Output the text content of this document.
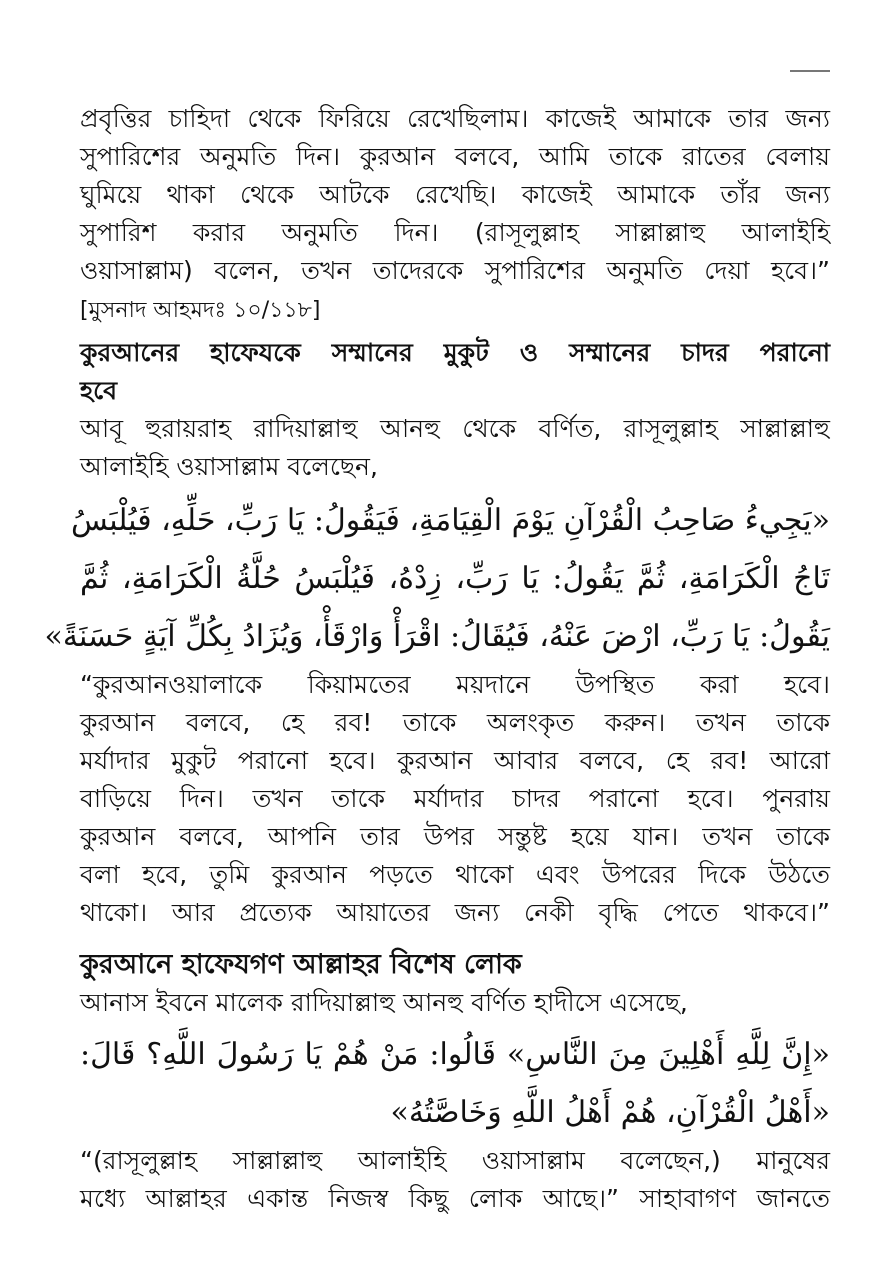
প্রবৃত্তির চাহিদা থেকে ফিরিয়ে রেখেছিলাম। কাজেই আমাকে তার জন্য
সুপারিশের অনুমতি দিন। কুরআন বলবে, আমি তাকে রাতের বেলায়
ঘুমিয়ে থাকা থেকে আটকে রেখেছি। কাজেই আমাকে তাঁর জন্য
সুপারিশ করার অনুমতি দিন। (রাসূলুল্লাহ সাল্লাল্লাহু আলাইহি
ওয়াসাল্লাম) বলেন, তখন তাদেরকে সুপারিশের অনুমতি দেয়া হবে।”
[মুসনাদ আহমদঃ ১০/১১৮]
কুরআনের হাফেযকে সম্মানের মুকুট ও সম্মানের চাদর পরানো
হবে
আবূ হুরায়রাহ রাদিয়াল্লাহু আনহু থেকে বর্ণিত, রাসূলুল্লাহ সাল্লাল্লাহু
আলাইহি ওয়াসাল্লাম বলেছেন,
«يَجِيءُ صَاحِبُ الْقُرْآنِ يَوْمَ الْقِيَامَةِ، فَيَقُولُ: يَا رَبِّ، حَلِّهِ، فَيُلْبَسُ
تَاجُ الْكَرَامَةِ، ثُمَّ يَقُولُ: يَا رَبِّ، زِدْهُ، فَيُلْبَسُ حُلَّةُ الْكَرَامَةِ، ثُمَّ
يَقُولُ: يَا رَبِّ، ارْضَ عَنْهُ، فَيُقَالُ: اقْرَأْ وَارْقَأْ، وَيُزَادُ بِكُلِّ آيَةٍ حَسَنَةً»
“কুরআনওয়ালাকে কিয়ামতের ময়দানে উপস্থিত করা হবে।
কুরআন বলবে, হে রব! তাকে অলংকৃত করুন। তখন তাকে
মর্যাদার মুকুট পরানো হবে। কুরআন আবার বলবে, হে রব! আরো
বাড়িয়ে দিন। তখন তাকে মর্যাদার চাদর পরানো হবে। পুনরায়
কুরআন বলবে, আপনি তার উপর সন্তুষ্ট হয়ে যান। তখন তাকে
বলা হবে, তুমি কুরআন পড়তে থাকো এবং উপরের দিকে উঠতে
থাকো। আর প্রত্যেক আয়াতের জন্য নেকী বৃদ্ধি পেতে থাকবে।”
কুরআনে হাফেযগণ আল্লাহর বিশেষ লোক
আনাস ইবনে মালেক রাদিয়াল্লাহু আনহু বর্ণিত হাদীসে এসেছে,
«إِنَّ لِلَّهِ أَهْلِينَ مِنَ النَّاسِ» قَالُوا: مَنْ هُمْ يَا رَسُولَ اللَّهِ؟ قَالَ:
«أَهْلُ الْقُرْآنِ، هُمْ أَهْلُ اللَّهِ وَخَاصَّتُهُ»
“(রাসূলুল্লাহ সাল্লাল্লাহু আলাইহি ওয়াসাল্লাম বলেছেন,) মানুষের
মধ্যে আল্লাহর একান্ত নিজস্ব কিছু লোক আছে।” সাহাবাগণ জানতে
